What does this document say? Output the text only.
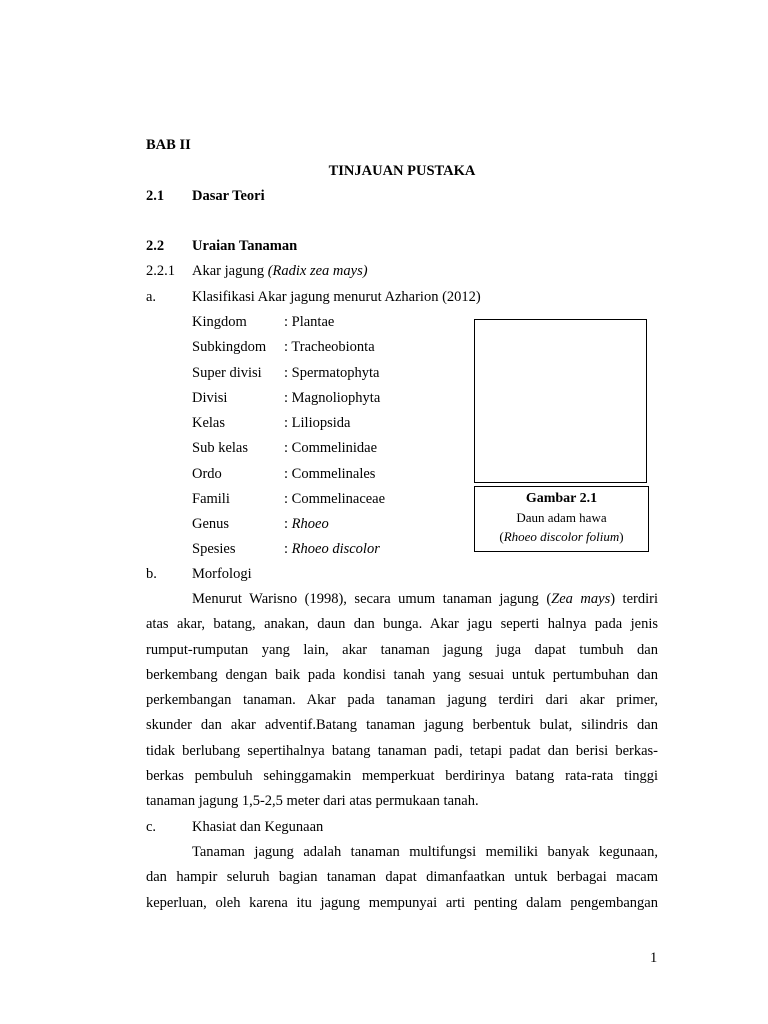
BAB II
TINJAUAN PUSTAKA
2.1 Dasar Teori
2.2 Uraian Tanaman
2.2.1 Akar jagung (Radix zea mays)
a. Klasifikasi Akar jagung menurut Azharion (2012)
Kingdom	: Plantae
Subkingdom : Tracheobionta
Super divisi : Spermatophyta
Divisi	: Magnoliophyta
Kelas	: Liliopsida
Sub kelas : Commelinidae
Ordo	: Commelinales
Famili	: Commelinaceae
Genus	: Rhoeo
Spesies	: Rhoeo discolor
Gambar 2.1
Daun adam hawa
(Rhoeo discolor folium)
b. Morfologi
Menurut Warisno (1998), secara umum tanaman jagung (Zea mays) terdiri
atas akar, batang, anakan, daun dan bunga. Akar jagu seperti halnya pada jenis
rumput-rumputan yang lain, akar tanaman jagung juga dapat tumbuh dan
berkembang dengan baik pada kondisi tanah yang sesuai untuk pertumbuhan dan
perkembangan tanaman. Akar pada tanaman jagung terdiri dari akar primer,
skunder dan akar adventif.Batang tanaman jagung berbentuk bulat, silindris dan
tidak berlubang sepertihalnya batang tanaman padi, tetapi padat dan berisi berkas-
berkas pembuluh sehinggamakin memperkuat berdirinya batang rata-rata tinggi
tanaman jagung 1,5-2,5 meter dari atas permukaan tanah.
c. Khasiat dan Kegunaan
Tanaman jagung adalah tanaman multifungsi memiliki banyak kegunaan,
dan hampir seluruh bagian tanaman dapat dimanfaatkan untuk berbagai macam
keperluan, oleh karena itu jagung mempunyai arti penting dalam pengembangan
1
